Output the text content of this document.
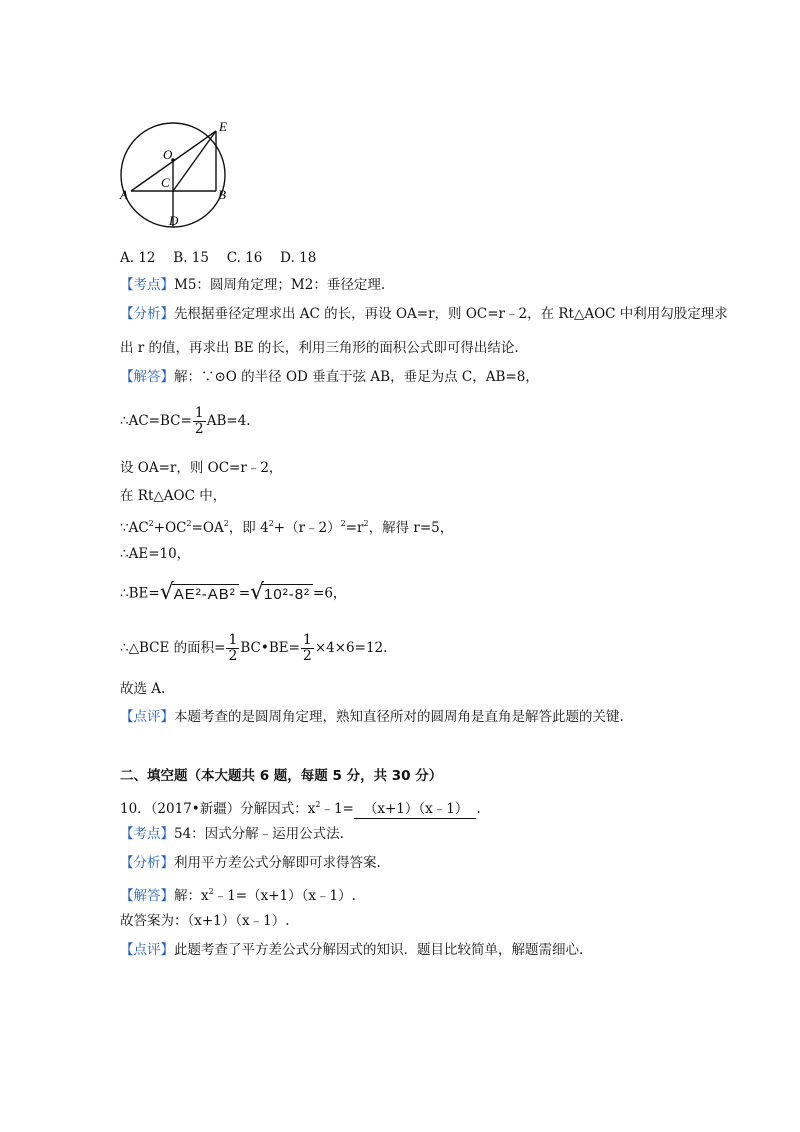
E
O
C
A	B
D
A. 12　 B. 15　 C. 16　 D. 18
【考点】M5：圆周角定理；M2：垂径定理.
【分析】先根据垂径定理求出 AC 的长，再设 OA=r，则 OC=r﹣2，在 Rt△AOC 中利用勾股定理求
出 r 的值，再求出 BE 的长，利用三角形的面积公式即可得出结论.
【解答】解：∵⊙O 的半径 OD 垂直于弦 AB，垂足为点 C，AB=8，
∴AC=BC= $\frac{1}{2} AB=4$.
设 OA=r，则 OC=r﹣2，
在 Rt△AOC 中，
$\because AC^2+OC^2=OA^2$，即 $4^2+(r﹣2)^2=r^2$，解得 r=5，
∴AE=10，
∴BE= √ AE²-AB² = √ 10²-8² =6，
∴△BCE 的面积= $\frac{1}{2}$ BC•BE= $\frac{1}{2} \times 4\times 6=12$.
故选 A.
【点评】本题考查的是圆周角定理，熟知直径所对的圆周角是直角是解答此题的关键.
二、填空题（本大题共 6 题，每题 5 分，共 30 分）
10．（2017•新疆）分解因式：$x^2﹣1=$ （x+1）（x﹣1） .
【考点】54：因式分解﹣运用公式法.
【分析】利用平方差公式分解即可求得答案.
【解答】解：$x^2﹣1=(x+1)(x﹣1)$.
故答案为：（x+1）（x﹣1）.
【点评】此题考查了平方差公式分解因式的知识．题目比较简单，解题需细心.
